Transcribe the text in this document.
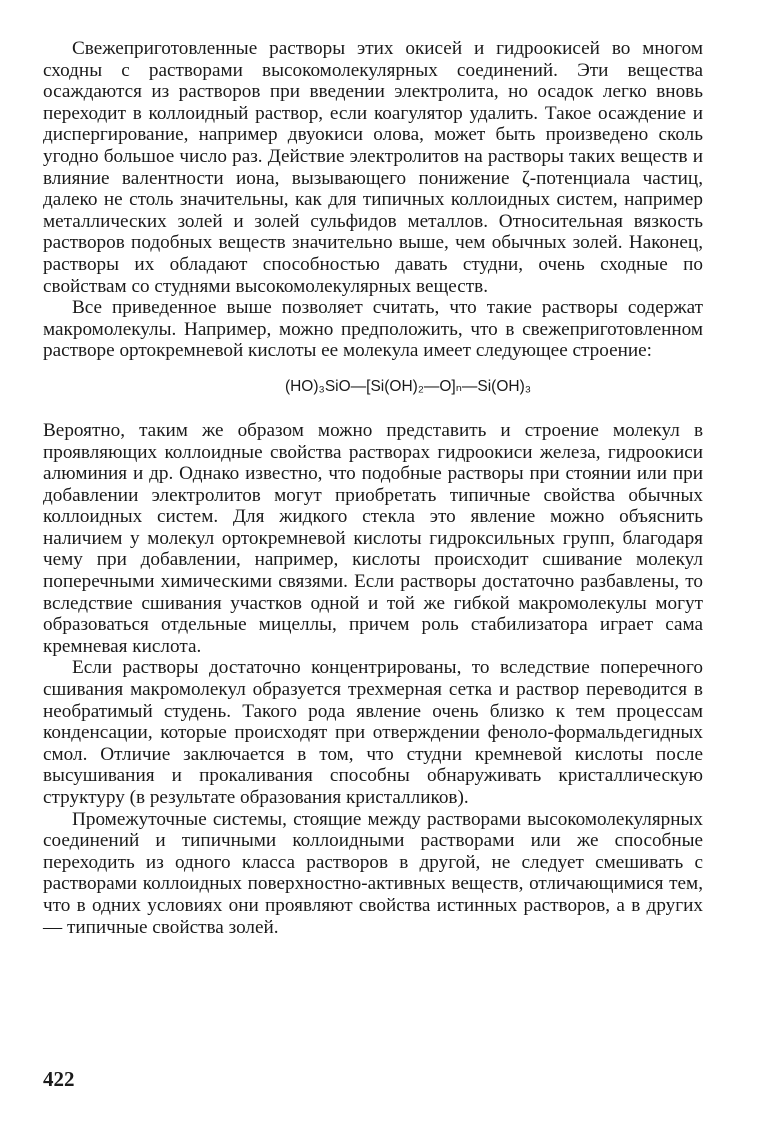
Свежеприготовленные растворы этих окисей и гидроокисей во многом сходны с растворами высокомолекулярных соединений. Эти вещества осаждаются из растворов при введении электролита, но осадок легко вновь переходит в коллоидный раствор, если коагулятор удалить. Такое осаждение и диспергирование, например двуокиси олова, может быть произведено сколь угодно большое число раз. Действие электролитов на растворы таких веществ и влияние валентности иона, вызывающего понижение ζ-потенциала частиц, далеко не столь значительны, как для типичных коллоидных систем, например металлических золей и золей сульфидов металлов. Относительная вязкость растворов подобных веществ значительно выше, чем обычных золей. Наконец, растворы их обладают способностью давать студни, очень сходные по свойствам со студнями высокомолекулярных веществ.

Все приведенное выше позволяет считать, что такие растворы содержат макромолекулы. Например, можно предположить, что в свежеприготовленном растворе ортокремневой кислоты ее молекула имеет следующее строение:

(HO)₃SiO—[Si(OH)₂—O]ₙ—Si(OH)₃

Вероятно, таким же образом можно представить и строение молекул в проявляющих коллоидные свойства растворах гидроокиси железа, гидроокиси алюминия и др. Однако известно, что подобные растворы при стоянии или при добавлении электролитов могут приобретать типичные свойства обычных коллоидных систем. Для жидкого стекла это явление можно объяснить наличием у молекул ортокремневой кислоты гидроксильных групп, благодаря чему при добавлении, например, кислоты происходит сшивание молекул поперечными химическими связями. Если растворы достаточно разбавлены, то вследствие сшивания участков одной и той же гибкой макромолекулы могут образоваться отдельные мицеллы, причем роль стабилизатора играет сама кремневая кислота.

Если растворы достаточно концентрированы, то вследствие поперечного сшивания макромолекул образуется трехмерная сетка и раствор переводится в необратимый студень. Такого рода явление очень близко к тем процессам конденсации, которые происходят при отверждении феноло-формальдегидных смол. Отличие заключается в том, что студни кремневой кислоты после высушивания и прокаливания способны обнаруживать кристаллическую структуру (в результате образования кристалликов).

Промежуточные системы, стоящие между растворами высокомолекулярных соединений и типичными коллоидными растворами или же способные переходить из одного класса растворов в другой, не следует смешивать с растворами коллоидных поверхностно-активных веществ, отличающимися тем, что в одних условиях они проявляют свойства истинных растворов, а в других — типичные свойства золей.

422
